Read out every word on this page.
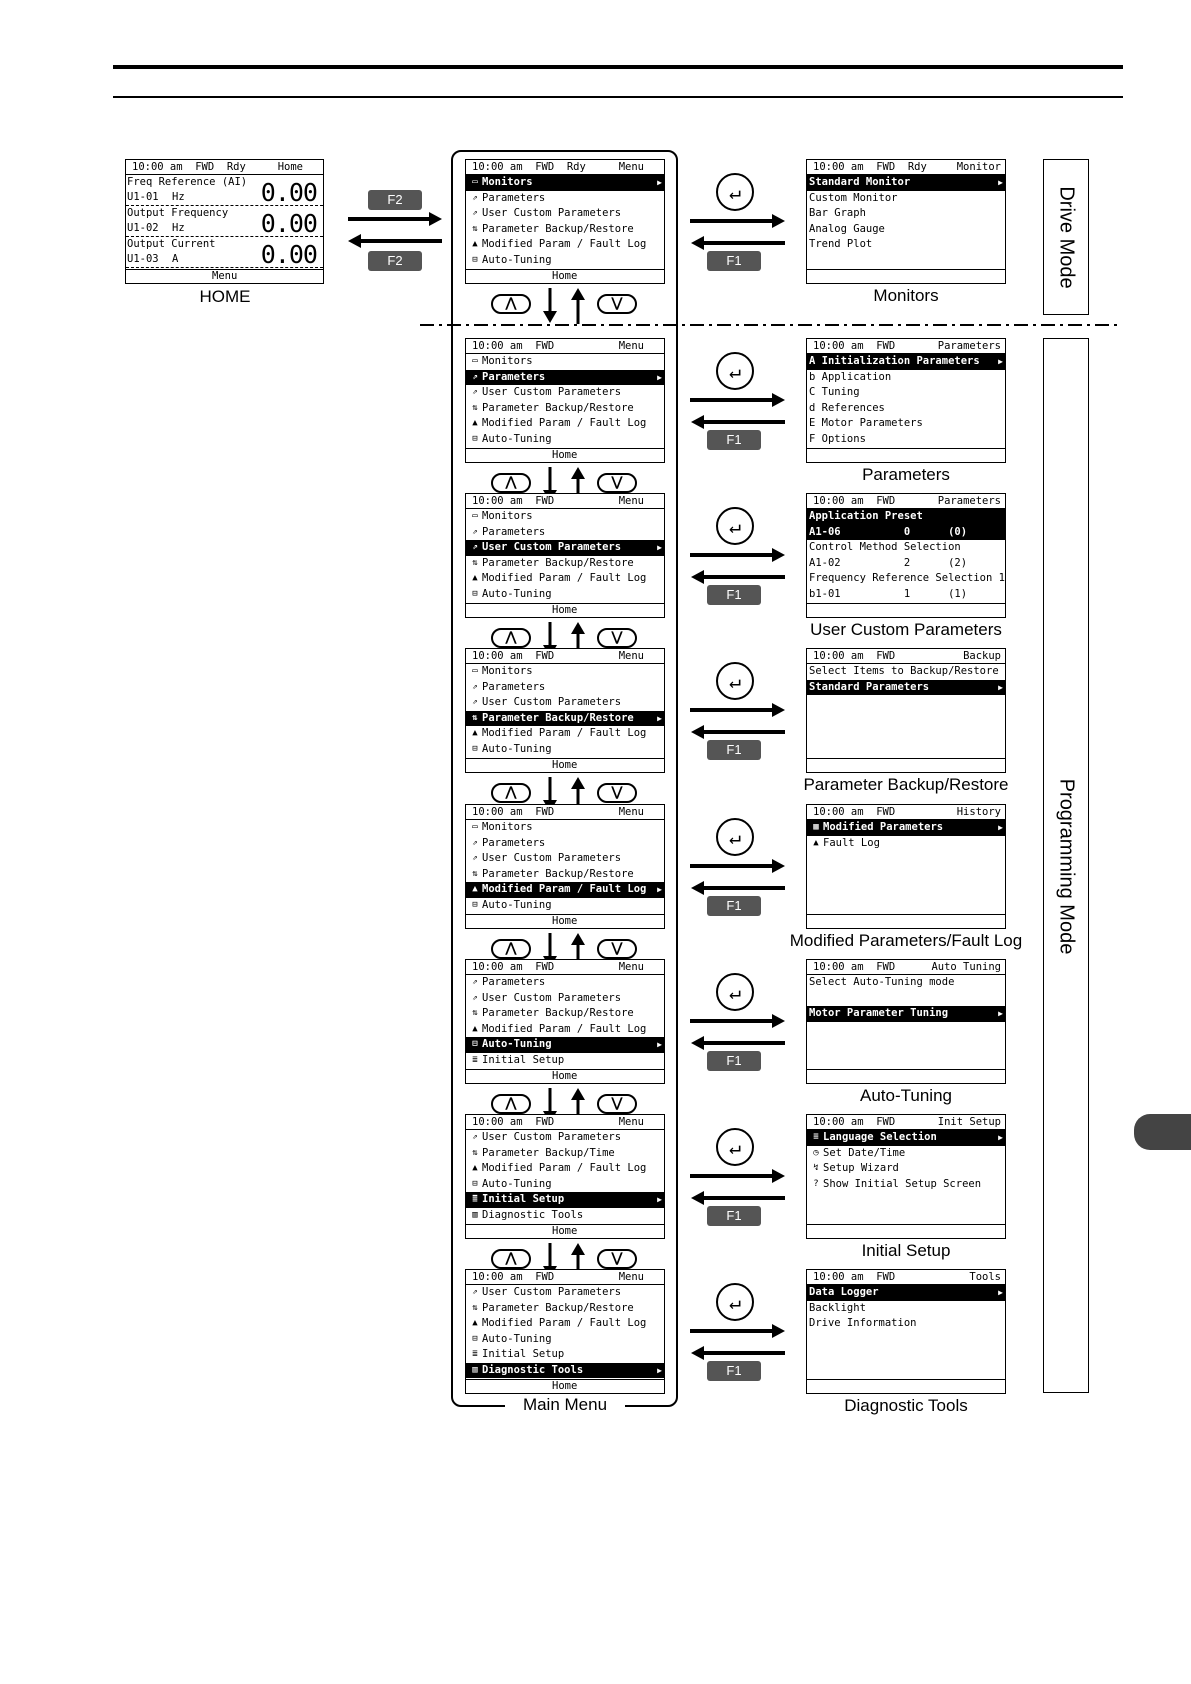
10:00 am
FWD  Rdy	Home
Freq Reference (AI)
U1-01 Hz	0.00
Output Frequency
U1-02 Hz	0.00
Output Current
U1-03 A	0.00
Menu
HOME
F2
F2
Main Menu
Drive Mode
Programming Mode
10:00 am
FWD  Rdy	Menu
▭ Monitors	▶
⇗ Parameters
⇗ User Custom Parameters
⇅ Parameter Backup/Restore
▲ Modified Param / Fault Log
⊟ Auto-Tuning
Home
10:00 am
FWD  Rdy	Monitor
Standard Monitor	▶
Custom Monitor
Bar Graph
Analog Gauge
Trend Plot

Monitors
↵
F1
⋀	⋁
10:00 am
FWD	Menu
▭ Monitors
⇗ Parameters	▶
⇗ User Custom Parameters
⇅ Parameter Backup/Restore
▲ Modified Param / Fault Log
⊟ Auto-Tuning
Home
10:00 am
FWD	Parameters
A Initialization Parameters ▶
b Application
C Tuning
d References
E Motor Parameters
F Options

Parameters
↵
F1
⋀	⋁
10:00 am
FWD	Menu
▭ Monitors
⇗ Parameters
⇗ User Custom Parameters	▶
⇅ Parameter Backup/Restore
▲ Modified Param / Fault Log
⊟ Auto-Tuning
Home
10:00 am
FWD	Parameters
Application Preset
A1-06          0      (0)
Control Method Selection
A1-02          2      (2)
Frequency Reference Selection 1
b1-01          1      (1)

User Custom Parameters
↵
F1
⋀	⋁
10:00 am
FWD	Menu
▭ Monitors
⇗ Parameters
⇗ User Custom Parameters
⇅ Parameter Backup/Restore	▶
▲ Modified Param / Fault Log
⊟ Auto-Tuning
Home
10:00 am
FWD	Backup
Select Items to Backup/Restore
Standard Parameters	▶

Parameter Backup/Restore
↵
F1
⋀	⋁
10:00 am
FWD	Menu
▭ Monitors
⇗ Parameters
⇗ User Custom Parameters
⇅ Parameter Backup/Restore
▲ Modified Param / Fault Log ▶
⊟ Auto-Tuning
Home
10:00 am
FWD	History
▦ Modified Parameters	▶
▲ Fault Log

Modified Parameters/Fault Log
↵
F1
⋀	⋁
10:00 am
FWD	Menu
⇗ Parameters
⇗ User Custom Parameters
⇅ Parameter Backup/Restore
▲ Modified Param / Fault Log
⊟ Auto-Tuning	▶
≣ Initial Setup
Home
10:00 am
FWD	Auto Tuning
Select Auto-Tuning mode
Motor Parameter Tuning	▶

Auto-Tuning
↵
F1
⋀	⋁
10:00 am
FWD	Menu
⇗ User Custom Parameters
⇅ Parameter Backup/Time
▲ Modified Param / Fault Log
⊟ Auto-Tuning
≣ Initial Setup	▶
▥ Diagnostic Tools
Home
10:00 am
FWD	Init Setup
≡ Language Selection	▶
◷ Set Date/Time
↯ Setup Wizard
? Show Initial Setup Screen

Initial Setup
↵
F1
⋀	⋁
10:00 am
FWD	Menu
⇗ User Custom Parameters
⇅ Parameter Backup/Restore
▲ Modified Param / Fault Log
⊟ Auto-Tuning
≣ Initial Setup
▥ Diagnostic Tools	▶
Home
10:00 am
FWD	Tools
Data Logger	▶
Backlight
Drive Information

Diagnostic Tools
↵
F1
